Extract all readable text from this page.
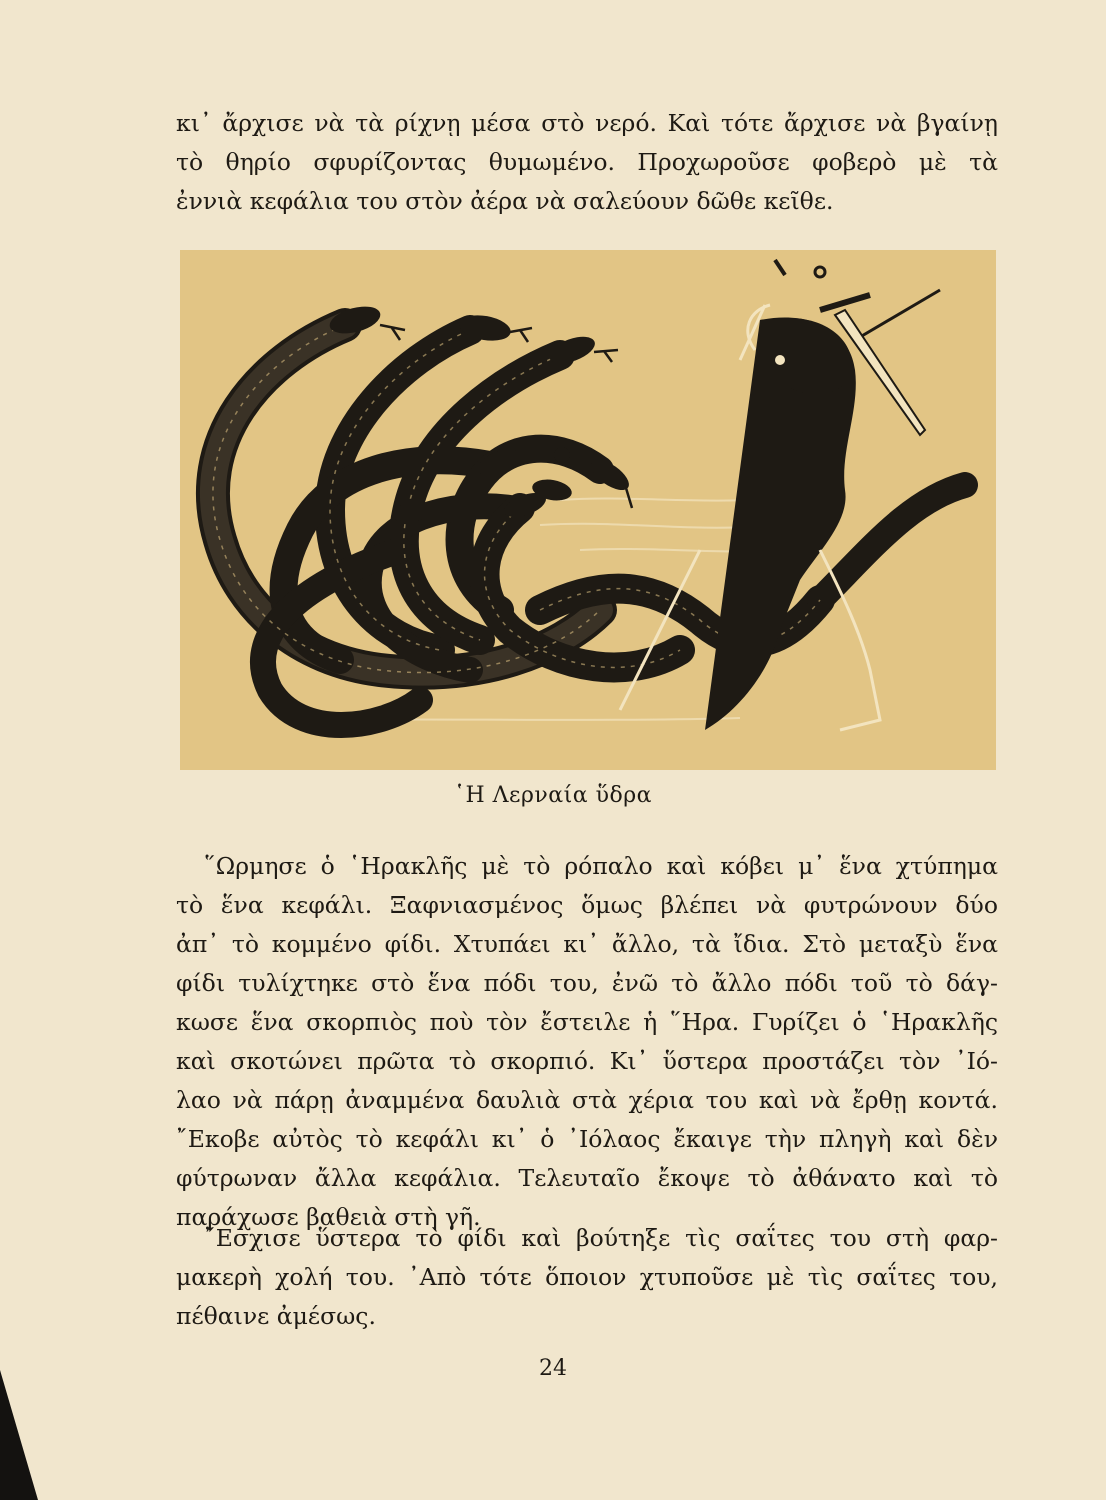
κι᾽ ἄρχισε νὰ τὰ ρίχνῃ μέσα στὸ νερό. Καὶ τότε ἄρχισε νὰ βγαίνῃ
τὸ θηρίο σφυρίζοντας θυμωμένο. Προχωροῦσε φοβερὸ μὲ τὰ
ἐννιὰ κεφάλια του στὸν ἀέρα νὰ σαλεύουν δῶθε κεῖθε.
῾Η Λερναία ὕδρα
῞Ωρμησε ὁ ῾Ηρακλῆς μὲ τὸ ρόπαλο καὶ κόβει μ᾽ ἕνα χτύπημα
τὸ ἕνα κεφάλι. Ξαφνιασμένος ὅμως βλέπει νὰ φυτρώνουν δύο
ἀπ᾽ τὸ κομμένο φίδι. Χτυπάει κι᾽ ἄλλο, τὰ ἴδια. Στὸ μεταξὺ ἕνα
φίδι τυλίχτηκε στὸ ἕνα πόδι του, ἐνῶ τὸ ἄλλο πόδι τοῦ τὸ δάγ-
κωσε ἕνα σκορπιὸς ποὺ τὸν ἔστειλε ἡ ῞Ηρα. Γυρίζει ὁ ῾Ηρακλῆς
καὶ σκοτώνει πρῶτα τὸ σκορπιό. Κι᾽ ὕστερα προστάζει τὸν ᾽Ιό-
λαο νὰ πάρῃ ἀναμμένα δαυλιὰ στὰ χέρια του καὶ νὰ ἔρθῃ κοντά.
῎Εκοβε αὐτὸς τὸ κεφάλι κι᾽ ὁ ᾽Ιόλαος ἔκαιγε τὴν πληγὴ καὶ δὲν
φύτρωναν ἄλλα κεφάλια. Τελευταῖο ἔκοψε τὸ ἀθάνατο καὶ τὸ
παράχωσε βαθειὰ στὴ γῆ.
῎Εσχισε ὕστερα τὸ φίδι καὶ βούτηξε τὶς σαΐτες του στὴ φαρ-
μακερὴ χολή του. ᾽Απὸ τότε ὅποιον χτυποῦσε μὲ τὶς σαΐτες του,
πέθαινε ἀμέσως.
24
